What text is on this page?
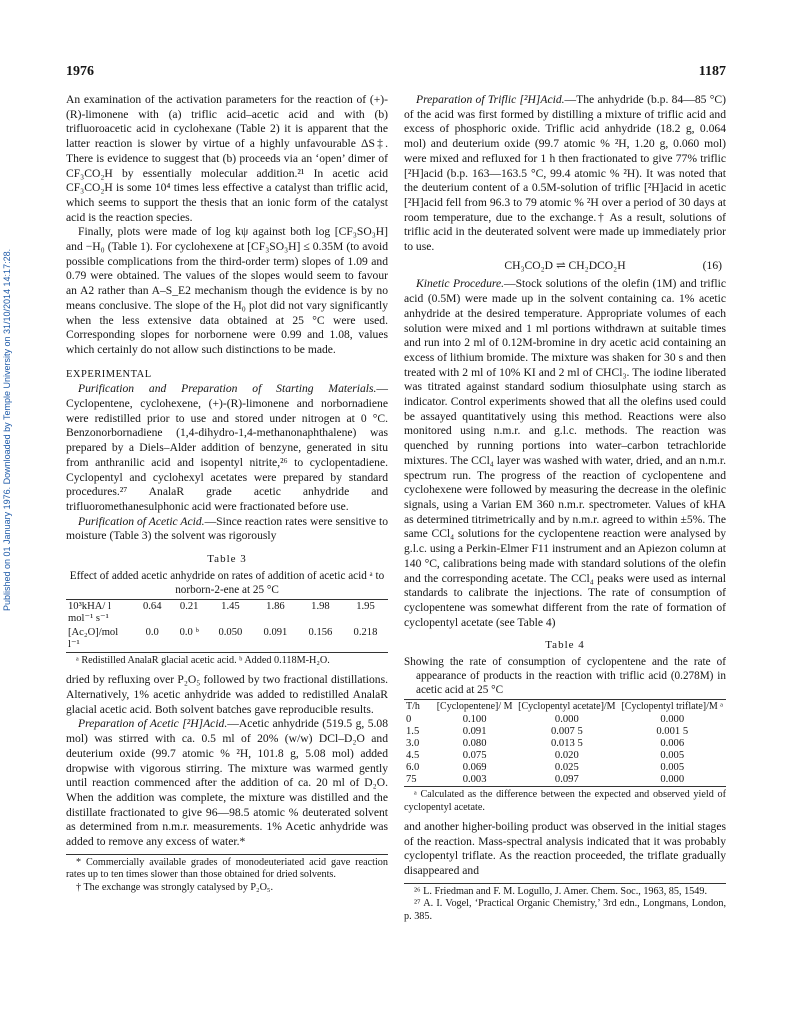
1976	1187
Published on 01 January 1976. Downloaded by Temple University on 31/10/2014 14:17:28.

An examination of the activation parameters for the reaction of (+)-(R)-limonene with (a) triflic acid–acetic acid and with (b) trifluoroacetic acid in cyclohexane (Table 2) it is apparent that the latter reaction is slower by virtue of a highly unfavourable ΔS‡. There is evidence to suggest that (b) proceeds via an ‘open’ dimer of CF₃CO₂H by essentially molecular addition.²¹ In acetic acid CF₃CO₂H is some 10⁴ times less effective a catalyst than triflic acid, which seems to support the thesis that an ionic form of the catalyst acid is the reaction species.

Finally, plots were made of log kψ against both log [CF₃SO₃H] and −H₀ (Table 1). For cyclohexene at [CF₃SO₃H] ≤ 0.35M (to avoid possible complications from the third-order term) slopes of 1.09 and 0.79 were obtained. The values of the slopes would seem to favour an A2 rather than A–S_E2 mechanism though the evidence is by no means conclusive. The slope of the H₀ plot did not vary significantly when the less extensive data obtained at 25 °C were used. Corresponding slopes for norbornene were 0.99 and 1.08, values which certainly do not allow such distinctions to be made.

EXPERIMENTAL

Purification and Preparation of Starting Materials.—Cyclopentene, cyclohexene, (+)-(R)-limonene and norbornadiene were redistilled prior to use and stored under nitrogen at 0 °C. Benzonorbornadiene (1,4-dihydro-1,4-methanonaphthalene) was prepared by a Diels–Alder addition of benzyne, generated in situ from anthranilic acid and isopentyl nitrite,²⁶ to cyclopentadiene. Cyclopentyl and cyclohexyl acetates were prepared by standard procedures.²⁷ AnalaR grade acetic anhydride and trifluoromethanesulphonic acid were fractionated before use.

Purification of Acetic Acid.—Since reaction rates were sensitive to moisture (Table 3) the solvent was rigorously

Table 3
Effect of added acetic anhydride on rates of addition of acetic acid ᵃ to norborn-2-ene at 25 °C
10³kHA/ l mol⁻¹ s⁻¹	0.64	0.21	1.45	1.86	1.98	1.95
[Ac₂O]/mol l⁻¹	0.0	0.0 ᵇ	0.050	0.091	0.156	0.218
ᵃ Redistilled AnalaR glacial acetic acid. ᵇ Added 0.118M-H₂O.

dried by refluxing over P₂O₅ followed by two fractional distillations. Alternatively, 1% acetic anhydride was added to redistilled AnalaR glacial acetic acid. Both solvent batches gave reproducible results.

Preparation of Acetic [²H]Acid.—Acetic anhydride (519.5 g, 5.08 mol) was stirred with ca. 0.5 ml of 20% (w/w) DCl–D₂O and deuterium oxide (99.7 atomic % ²H, 101.8 g, 5.08 mol) added dropwise with vigorous stirring. The mixture was warmed gently until reaction commenced after the addition of ca. 20 ml of D₂O. When the addition was complete, the mixture was distilled and the distillate fractionated to give 96—98.5 atomic % deuterated solvent as determined from n.m.r. measurements. 1% Acetic anhydride was added to remove any excess of water.*

* Commercially available grades of monodeuteriated acid gave reaction rates up to ten times slower than those obtained for dried solvents.
† The exchange was strongly catalysed by P₂O₅.

Preparation of Triflic [²H]Acid.—The anhydride (b.p. 84—85 °C) of the acid was first formed by distilling a mixture of triflic acid and excess of phosphoric oxide. Triflic acid anhydride (18.2 g, 0.064 mol) and deuterium oxide (99.7 atomic % ²H, 1.20 g, 0.060 mol) were mixed and refluxed for 1 h then fractionated to give 77% triflic [²H]acid (b.p. 163—163.5 °C, 99.4 atomic % ²H). It was noted that the deuterium content of a 0.5M-solution of triflic [²H]acid in acetic [²H]acid fell from 96.3 to 79 atomic % ²H over a period of 30 days at room temperature, due to the exchange.† As a result, solutions of triflic acid in the deuterated solvent were made up immediately prior to use.

CH₃CO₂D ⇌ CH₂DCO₂H	(16)

Kinetic Procedure.—Stock solutions of the olefin (1M) and triflic acid (0.5M) were made up in the solvent containing ca. 1% acetic anhydride at the desired temperature. Appropriate volumes of each solution were mixed and 1 ml portions withdrawn at suitable times and run into 2 ml of 0.12M-bromine in dry acetic acid containing an excess of lithium bromide. The mixture was shaken for 30 s and then treated with 2 ml of 10% KI and 2 ml of CHCl₃. The iodine liberated was titrated against standard sodium thiosulphate using starch as indicator. Control experiments showed that all the olefins used could be assayed quantitatively using this method. Reactions were also monitored using n.m.r. and g.l.c. methods. The reaction was quenched by running portions into water–carbon tetrachloride mixtures. The CCl₄ layer was washed with water, dried, and an n.m.r. spectrum run. The progress of the reaction of cyclopentene and cyclohexene were followed by measuring the decrease in the olefinic signals, using a Varian EM 360 n.m.r. spectrometer. Values of kHA as determined titrimetrically and by n.m.r. agreed to within ±5%. The same CCl₄ solutions for the cyclopentene reaction were analysed by g.l.c. using a Perkin-Elmer F11 instrument and an Apiezon column at 140 °C, calibrations being made with standard solutions of the olefin and the corresponding acetate. The CCl₄ peaks were used as internal standards to calibrate the injections. The rate of consumption of cyclopentene was somewhat different from the rate of formation of cyclopentyl acetate (see Table 4)

Table 4
Showing the rate of consumption of cyclopentene and the rate of appearance of products in the reaction with triflic acid (0.278M) in acetic acid at 25 °C
T/h	[Cyclopentene]/ M	[Cyclopentyl acetate]/M	[Cyclopentyl triflate]/M ᵃ
0	0.100	0.000	0.000
1.5	0.091	0.007 5	0.001 5
3.0	0.080	0.013 5	0.006
4.5	0.075	0.020	0.005
6.0	0.069	0.025	0.005
75	0.003	0.097	0.000
ᵃ Calculated as the difference between the expected and observed yield of cyclopentyl acetate.

and another higher-boiling product was observed in the initial stages of the reaction. Mass-spectral analysis indicated that it was probably cyclopentyl triflate. As the reaction proceeded, the triflate gradually disappeared and

²⁶ L. Friedman and F. M. Logullo, J. Amer. Chem. Soc., 1963, 85, 1549.
²⁷ A. I. Vogel, ‘Practical Organic Chemistry,’ 3rd edn., Longmans, London, p. 385.
